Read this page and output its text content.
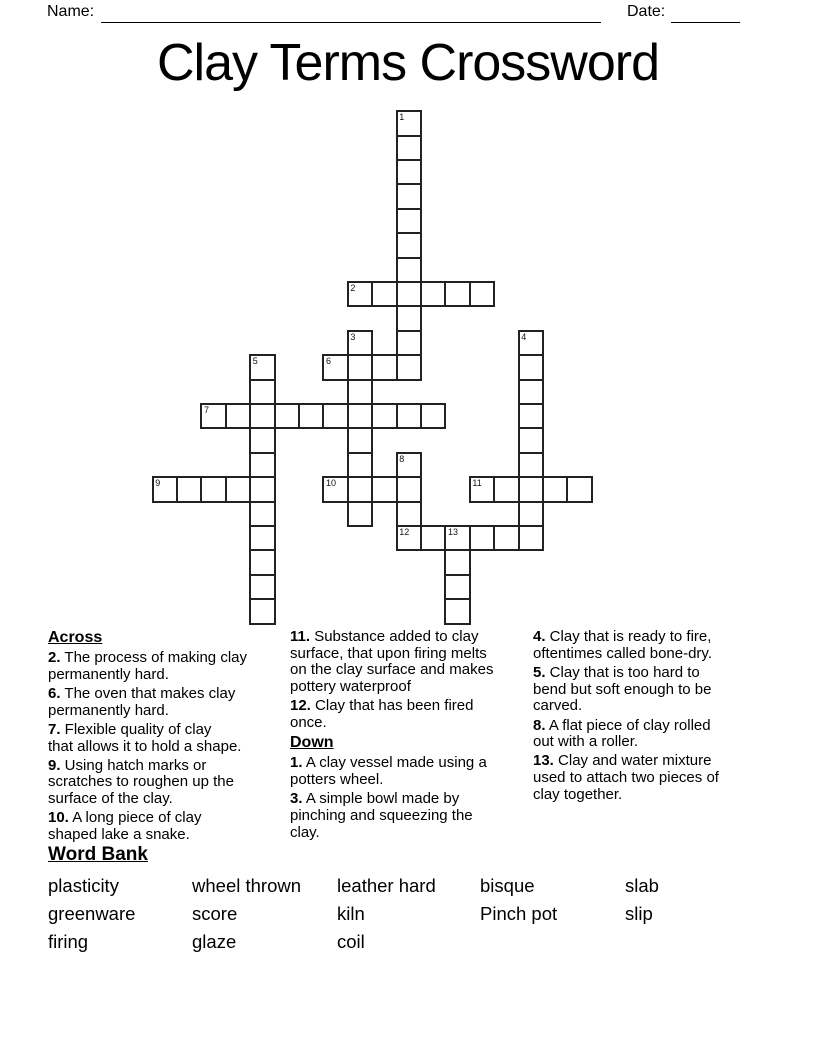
Name:	Date:
Clay Terms Crossword
1
2
3	4
5	6
7
8
12
9	10	11
13
Across
2. The process of making clay
permanently hard.
6. The oven that makes clay
permanently hard.
7. Flexible quality of clay
that allows it to hold a shape.
9. Using hatch marks or
scratches to roughen up the
surface of the clay.
10. A long piece of clay
shaped lake a snake.
11. Substance added to clay
surface, that upon firing melts
on the clay surface and makes
pottery waterproof
12. Clay that has been fired
once.
Down
1. A clay vessel made using a
potters wheel.
3. A simple bowl made by
pinching and squeezing the
clay.
4. Clay that is ready to fire,
oftentimes called bone-dry.
5. Clay that is too hard to
bend but soft enough to be
carved.
8. A flat piece of clay rolled
out with a roller.
13. Clay and water mixture
used to attach two pieces of
clay together.
Word Bank
plasticity	wheel thrown	leather hard	bisque	slab
greenware	score	kiln	Pinch pot	slip
firing	glaze	coil
